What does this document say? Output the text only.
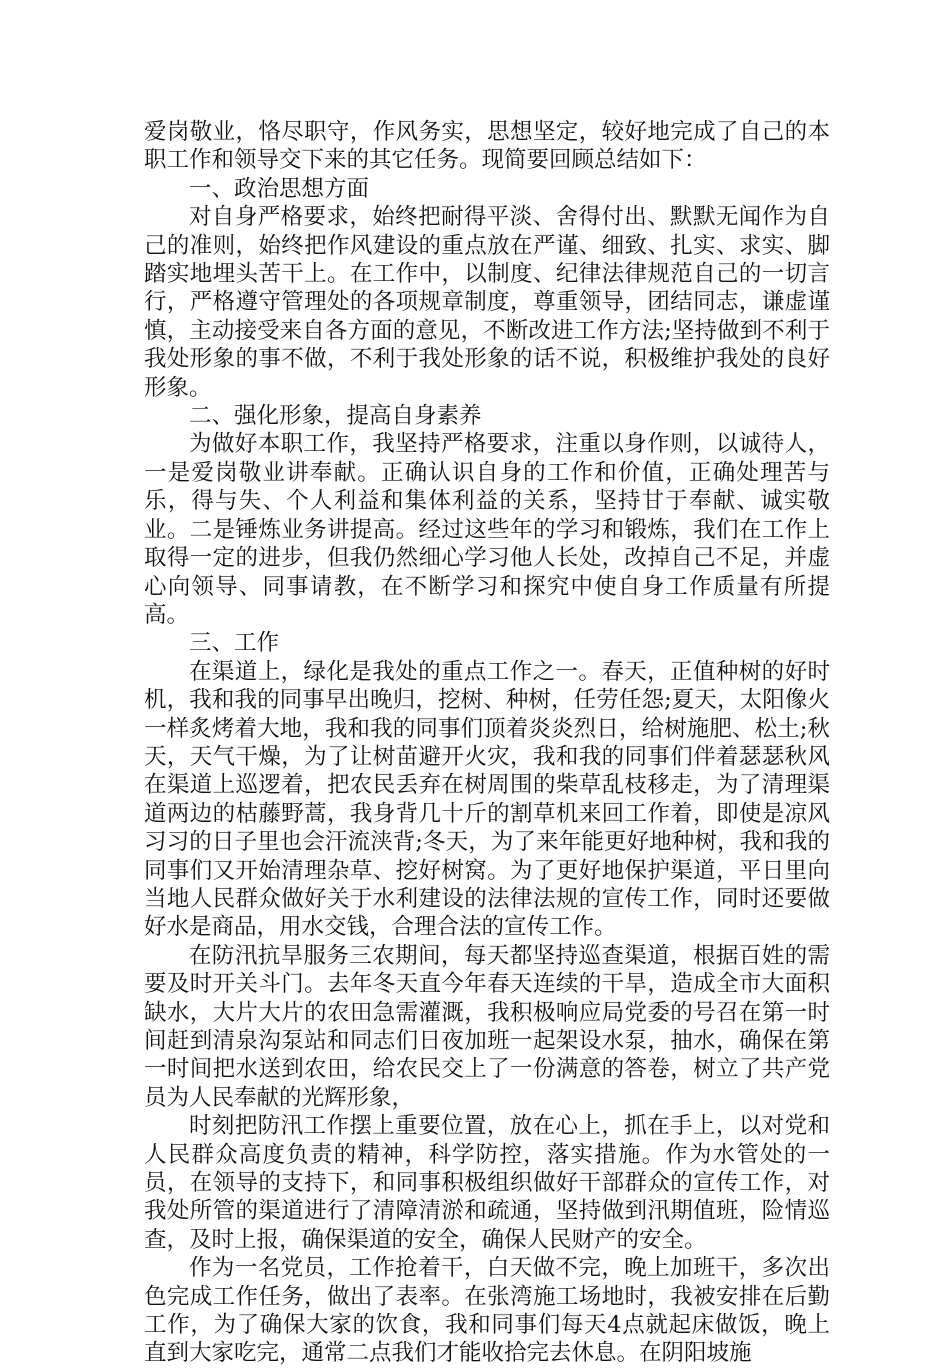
爱岗敬业，恪尽职守，作风务实，思想坚定，较好地完成了自己的本职工作和领导交下来的其它任务。现简要回顾总结如下：

一、政治思想方面

对自身严格要求，始终把耐得平淡、舍得付出、默默无闻作为自己的准则，始终把作风建设的重点放在严谨、细致、扎实、求实、脚踏实地埋头苦干上。在工作中，以制度、纪律法律规范自己的一切言行，严格遵守管理处的各项规章制度，尊重领导，团结同志，谦虚谨慎，主动接受来自各方面的意见，不断改进工作方法;坚持做到不利于我处形象的事不做，不利于我处形象的话不说，积极维护我处的良好形象。

二、强化形象，提高自身素养

为做好本职工作，我坚持严格要求，注重以身作则，以诚待人，一是爱岗敬业讲奉献。正确认识自身的工作和价值，正确处理苦与乐，得与失、个人利益和集体利益的关系，坚持甘于奉献、诚实敬业。二是锤炼业务讲提高。经过这些年的学习和锻炼，我们在工作上取得一定的进步，但我仍然细心学习他人长处，改掉自己不足，并虚心向领导、同事请教，在不断学习和探究中使自身工作质量有所提高。

三、工作

在渠道上，绿化是我处的重点工作之一。春天，正值种树的好时机，我和我的同事早出晚归，挖树、种树，任劳任怨;夏天，太阳像火一样炙烤着大地，我和我的同事们顶着炎炎烈日，给树施肥、松土;秋天，天气干燥，为了让树苗避开火灾，我和我的同事们伴着瑟瑟秋风在渠道上巡逻着，把农民丢弃在树周围的柴草乱枝移走，为了清理渠道两边的枯藤野蒿，我身背几十斤的割草机来回工作着，即使是凉风习习的日子里也会汗流浃背;冬天，为了来年能更好地种树，我和我的同事们又开始清理杂草、挖好树窝。为了更好地保护渠道，平日里向当地人民群众做好关于水利建设的法律法规的宣传工作，同时还要做好水是商品，用水交钱，合理合法的宣传工作。

在防汛抗旱服务三农期间，每天都坚持巡查渠道，根据百姓的需要及时开关斗门。去年冬天直今年春天连续的干旱，造成全市大面积缺水，大片大片的农田急需灌溉，我积极响应局党委的号召在第一时间赶到清泉沟泵站和同志们日夜加班一起架设水泵，抽水，确保在第一时间把水送到农田，给农民交上了一份满意的答卷，树立了共产党员为人民奉献的光辉形象，

时刻把防汛工作摆上重要位置，放在心上，抓在手上，以对党和人民群众高度负责的精神，科学防控，落实措施。作为水管处的一员，在领导的支持下，和同事积极组织做好干部群众的宣传工作，对我处所管的渠道进行了清障清淤和疏通，坚持做到汛期值班，险情巡查，及时上报，确保渠道的安全，确保人民财产的安全。

作为一名党员，工作抢着干，白天做不完，晚上加班干，多次出色完成工作任务，做出了表率。在张湾施工场地时，我被安排在后勤工作，为了确保大家的饮食，我和同事们每天4点就起床做饭，晚上直到大家吃完，通常二点我们才能收拾完去休息。在阴阳坡施
